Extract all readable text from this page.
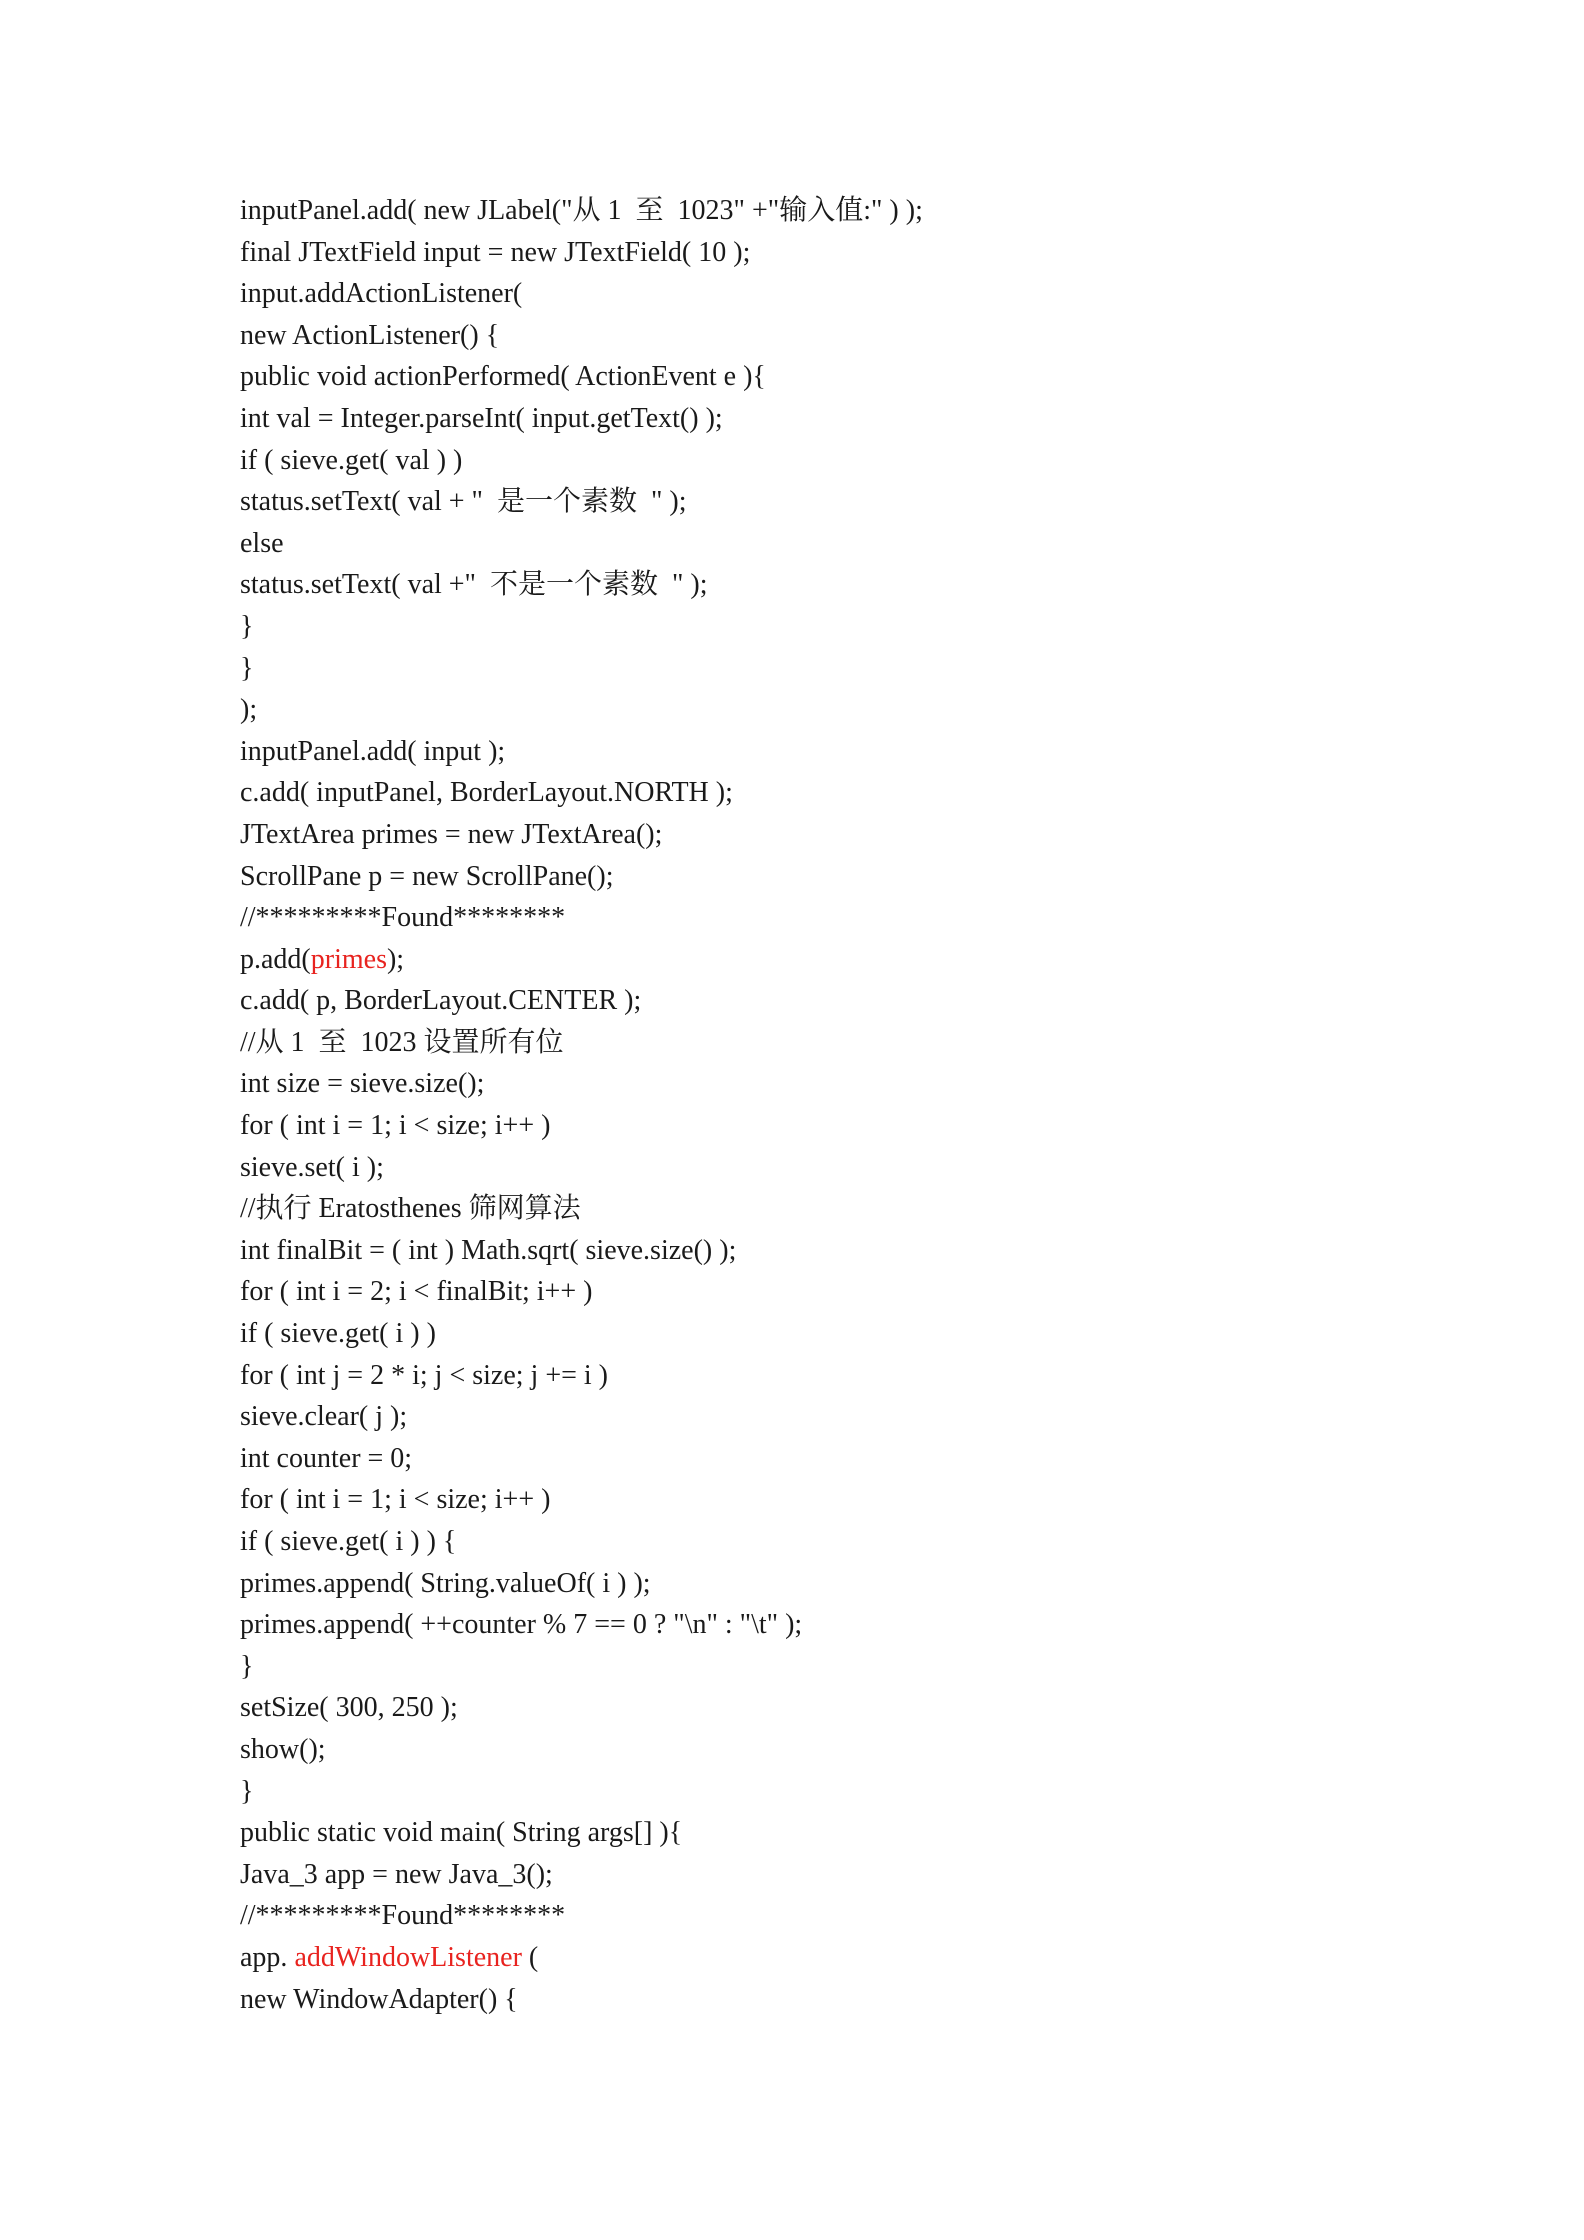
inputPanel.add( new JLabel("从 1  至  1023" +"输入值:" ) );
final JTextField input = new JTextField( 10 );
input.addActionListener(
new ActionListener() {
public void actionPerformed( ActionEvent e ){
int val = Integer.parseInt( input.getText() );
if ( sieve.get( val ) )
status.setText( val + "  是一个素数  " );
else
status.setText( val +"  不是一个素数  " );
}
}
);
inputPanel.add( input );
c.add( inputPanel, BorderLayout.NORTH );
JTextArea primes = new JTextArea();
ScrollPane p = new ScrollPane();
//*********Found********
p.add(primes);
c.add( p, BorderLayout.CENTER );
//从 1  至  1023 设置所有位
int size = sieve.size();
for ( int i = 1; i < size; i++ )
sieve.set( i );
//执行 Eratosthenes 筛网算法
int finalBit = ( int ) Math.sqrt( sieve.size() );
for ( int i = 2; i < finalBit; i++ )
if ( sieve.get( i ) )
for ( int j = 2 * i; j < size; j += i )
sieve.clear( j );
int counter = 0;
for ( int i = 1; i < size; i++ )
if ( sieve.get( i ) ) {
primes.append( String.valueOf( i ) );
primes.append( ++counter % 7 == 0 ? "\n" : "\t" );
}
setSize( 300, 250 );
show();
}
public static void main( String args[] ){
Java_3 app = new Java_3();
//*********Found********
app. addWindowListener (
new WindowAdapter() {
